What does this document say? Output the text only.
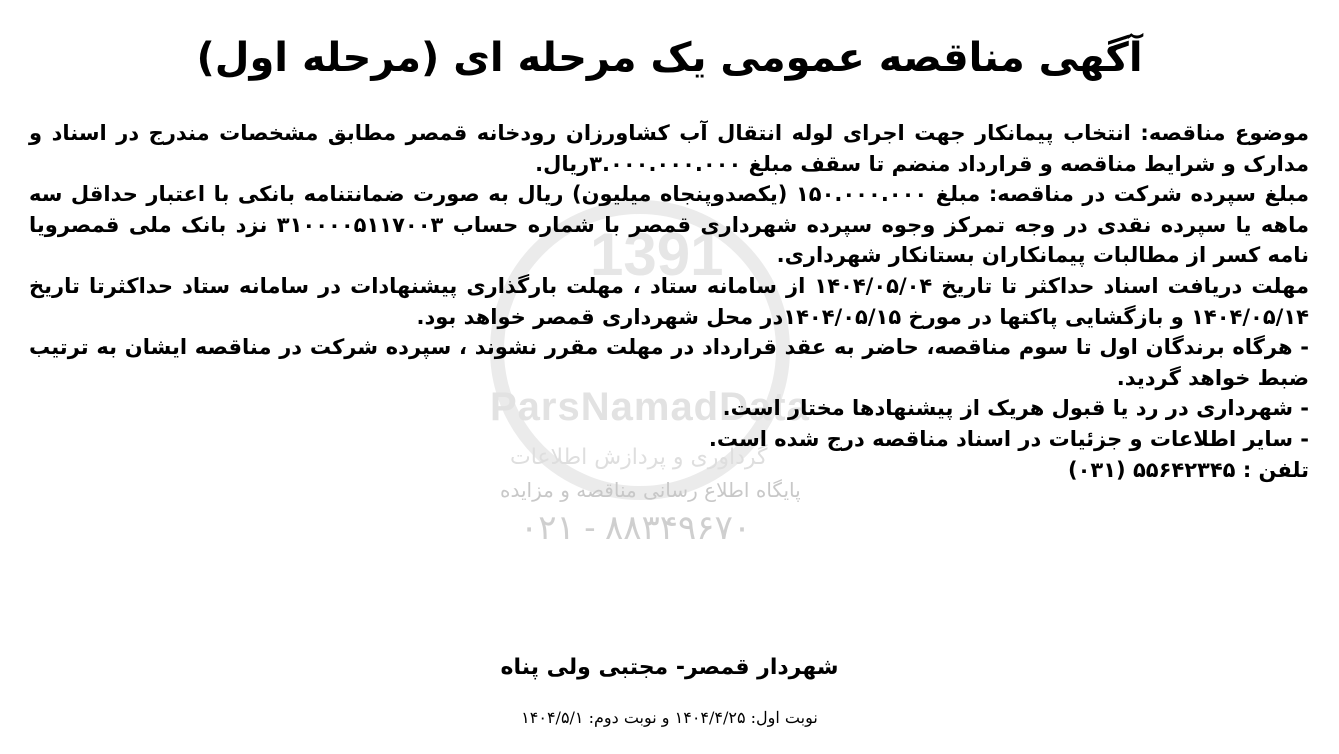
1391
ParsNamadData
گردآوری و پردازش اطلاعات
پایگاه اطلاع رسانی مناقصه و مزایده
۰۲۱ - ۸۸۳۴۹۶۷۰
آگهی مناقصه عمومی یک مرحله ای (مرحله اول)

موضوع مناقصه: انتخاب پیمانکار جهت اجرای لوله انتقال آب کشاورزان رودخانه قمصر مطابق مشخصات مندرج در اسناد و مدارک و شرایط مناقصه و قرارداد منضم تا سقف مبلغ ۳.۰۰۰.۰۰۰.۰۰۰ریال.

مبلغ سپرده شرکت در مناقصه: مبلغ ۱۵۰.۰۰۰.۰۰۰ (یکصدوپنجاه میلیون) ریال به صورت ضمانتنامه بانکی با اعتبار حداقل سه ماهه یا سپرده نقدی در وجه تمرکز وجوه سپرده شهرداری قمصر با شماره حساب ۳۱۰۰۰۰۵۱۱۷۰۰۳ نزد بانک ملی قمصرویا نامه کسر از مطالبات پیمانکاران بستانکار شهرداری.

مهلت دریافت اسناد حداکثر تا تاریخ ۱۴۰۴/۰۵/۰۴ از سامانه ستاد ، مهلت بارگذاری پیشنهادات در سامانه ستاد حداکثرتا تاریخ ۱۴۰۴/۰۵/۱۴ و بازگشایی پاکتها در مورخ ۱۴۰۴/۰۵/۱۵در محل شهرداری قمصر خواهد بود.

- هرگاه برندگان اول تا سوم مناقصه، حاضر به عقد قرارداد در مهلت مقرر نشوند ، سپرده شرکت در مناقصه ایشان به ترتیب ضبط خواهد گردید.

- شهرداری در رد یا قبول هریک از پیشنهادها مختار است.

- سایر اطلاعات و جزئیات در اسناد مناقصه درج شده است.

تلفن : ۵۵۶۴۲۳۴۵ (۰۳۱)

شهردار قمصر- مجتبی ولی پناه
نوبت اول: ۱۴۰۴/۴/۲۵ و نوبت دوم: ۱۴۰۴/۵/۱
